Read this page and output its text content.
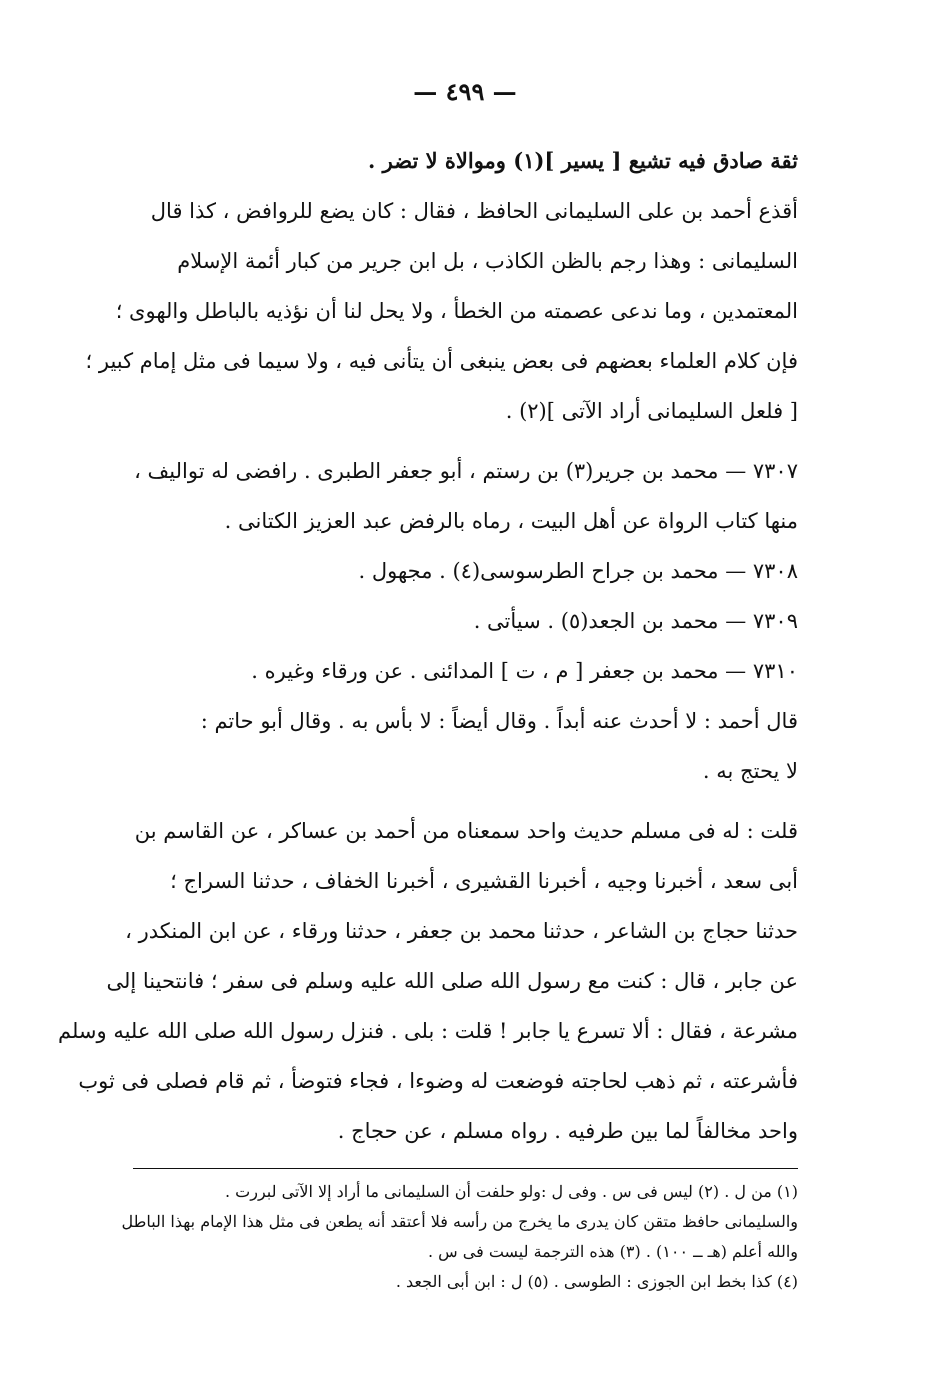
— ٤٩٩ —
ثقة صادق فيه تشيع [ يسير ](١) وموالاة لا تضر .
أقذع أحمد بن على السليمانى الحافظ ، فقال : كان يضع للروافض ، كذا قال
السليمانى : وهذا رجم بالظن الكاذب ، بل ابن جرير من كبار أئمة الإسلام
المعتمدين ، وما ندعى عصمته من الخطأ ، ولا يحل لنا أن نؤذيه بالباطل والهوى ؛
فإن كلام العلماء بعضهم فى بعض ينبغى أن يتأنى فيه ، ولا سيما فى مثل إمام كبير ؛
[ فلعل السليمانى أراد الآتى ](٢) .
٧٣٠٧ — محمد بن جرير(٣) بن رستم ، أبو جعفر الطبرى . رافضى له تواليف ،
منها كتاب الرواة عن أهل البيت ، رماه بالرفض عبد العزيز الكتانى .
٧٣٠٨ — محمد بن جراح الطرسوسى(٤) . مجهول .
٧٣٠٩ — محمد بن الجعد(٥) . سيأتى .
٧٣١٠ — محمد بن جعفر [ م ، ت ] المدائنى . عن ورقاء وغيره .
قال أحمد : لا أحدث عنه أبداً . وقال أيضاً : لا بأس به . وقال أبو حاتم :
لا يحتج به .
قلت : له فى مسلم حديث واحد سمعناه من أحمد بن عساكر ، عن القاسم بن
أبى سعد ، أخبرنا وجيه ، أخبرنا القشيرى ، أخبرنا الخفاف ، حدثنا السراج ؛
حدثنا حجاج بن الشاعر ، حدثنا محمد بن جعفر ، حدثنا ورقاء ، عن ابن المنكدر ،
عن جابر ، قال : كنت مع رسول الله صلى الله عليه وسلم فى سفر ؛ فانتحينا إلى
مشرعة ، فقال : ألا تسرع يا جابر ! قلت : بلى . فنزل رسول الله صلى الله عليه وسلم
فأشرعته ، ثم ذهب لحاجته فوضعت له وضوءا ، فجاء فتوضأ ، ثم قام فصلى فى ثوب
واحد مخالفاً لما بين طرفيه . رواه مسلم ، عن حجاج .
(١) من ل . (٢) ليس فى س . وفى ل :ولو حلفت أن السليمانى ما أراد إلا الآتى لبررت .
والسليمانى حافظ متقن كان يدرى ما يخرج من رأسه فلا أعتقد أنه يطعن فى مثل هذا الإمام بهذا الباطل
والله أعلم (هـ ــ ١٠٠) . (٣) هذه الترجمة ليست فى س .
(٤) كذا بخط ابن الجوزى : الطوسى . (٥) ل : ابن أبى الجعد .
